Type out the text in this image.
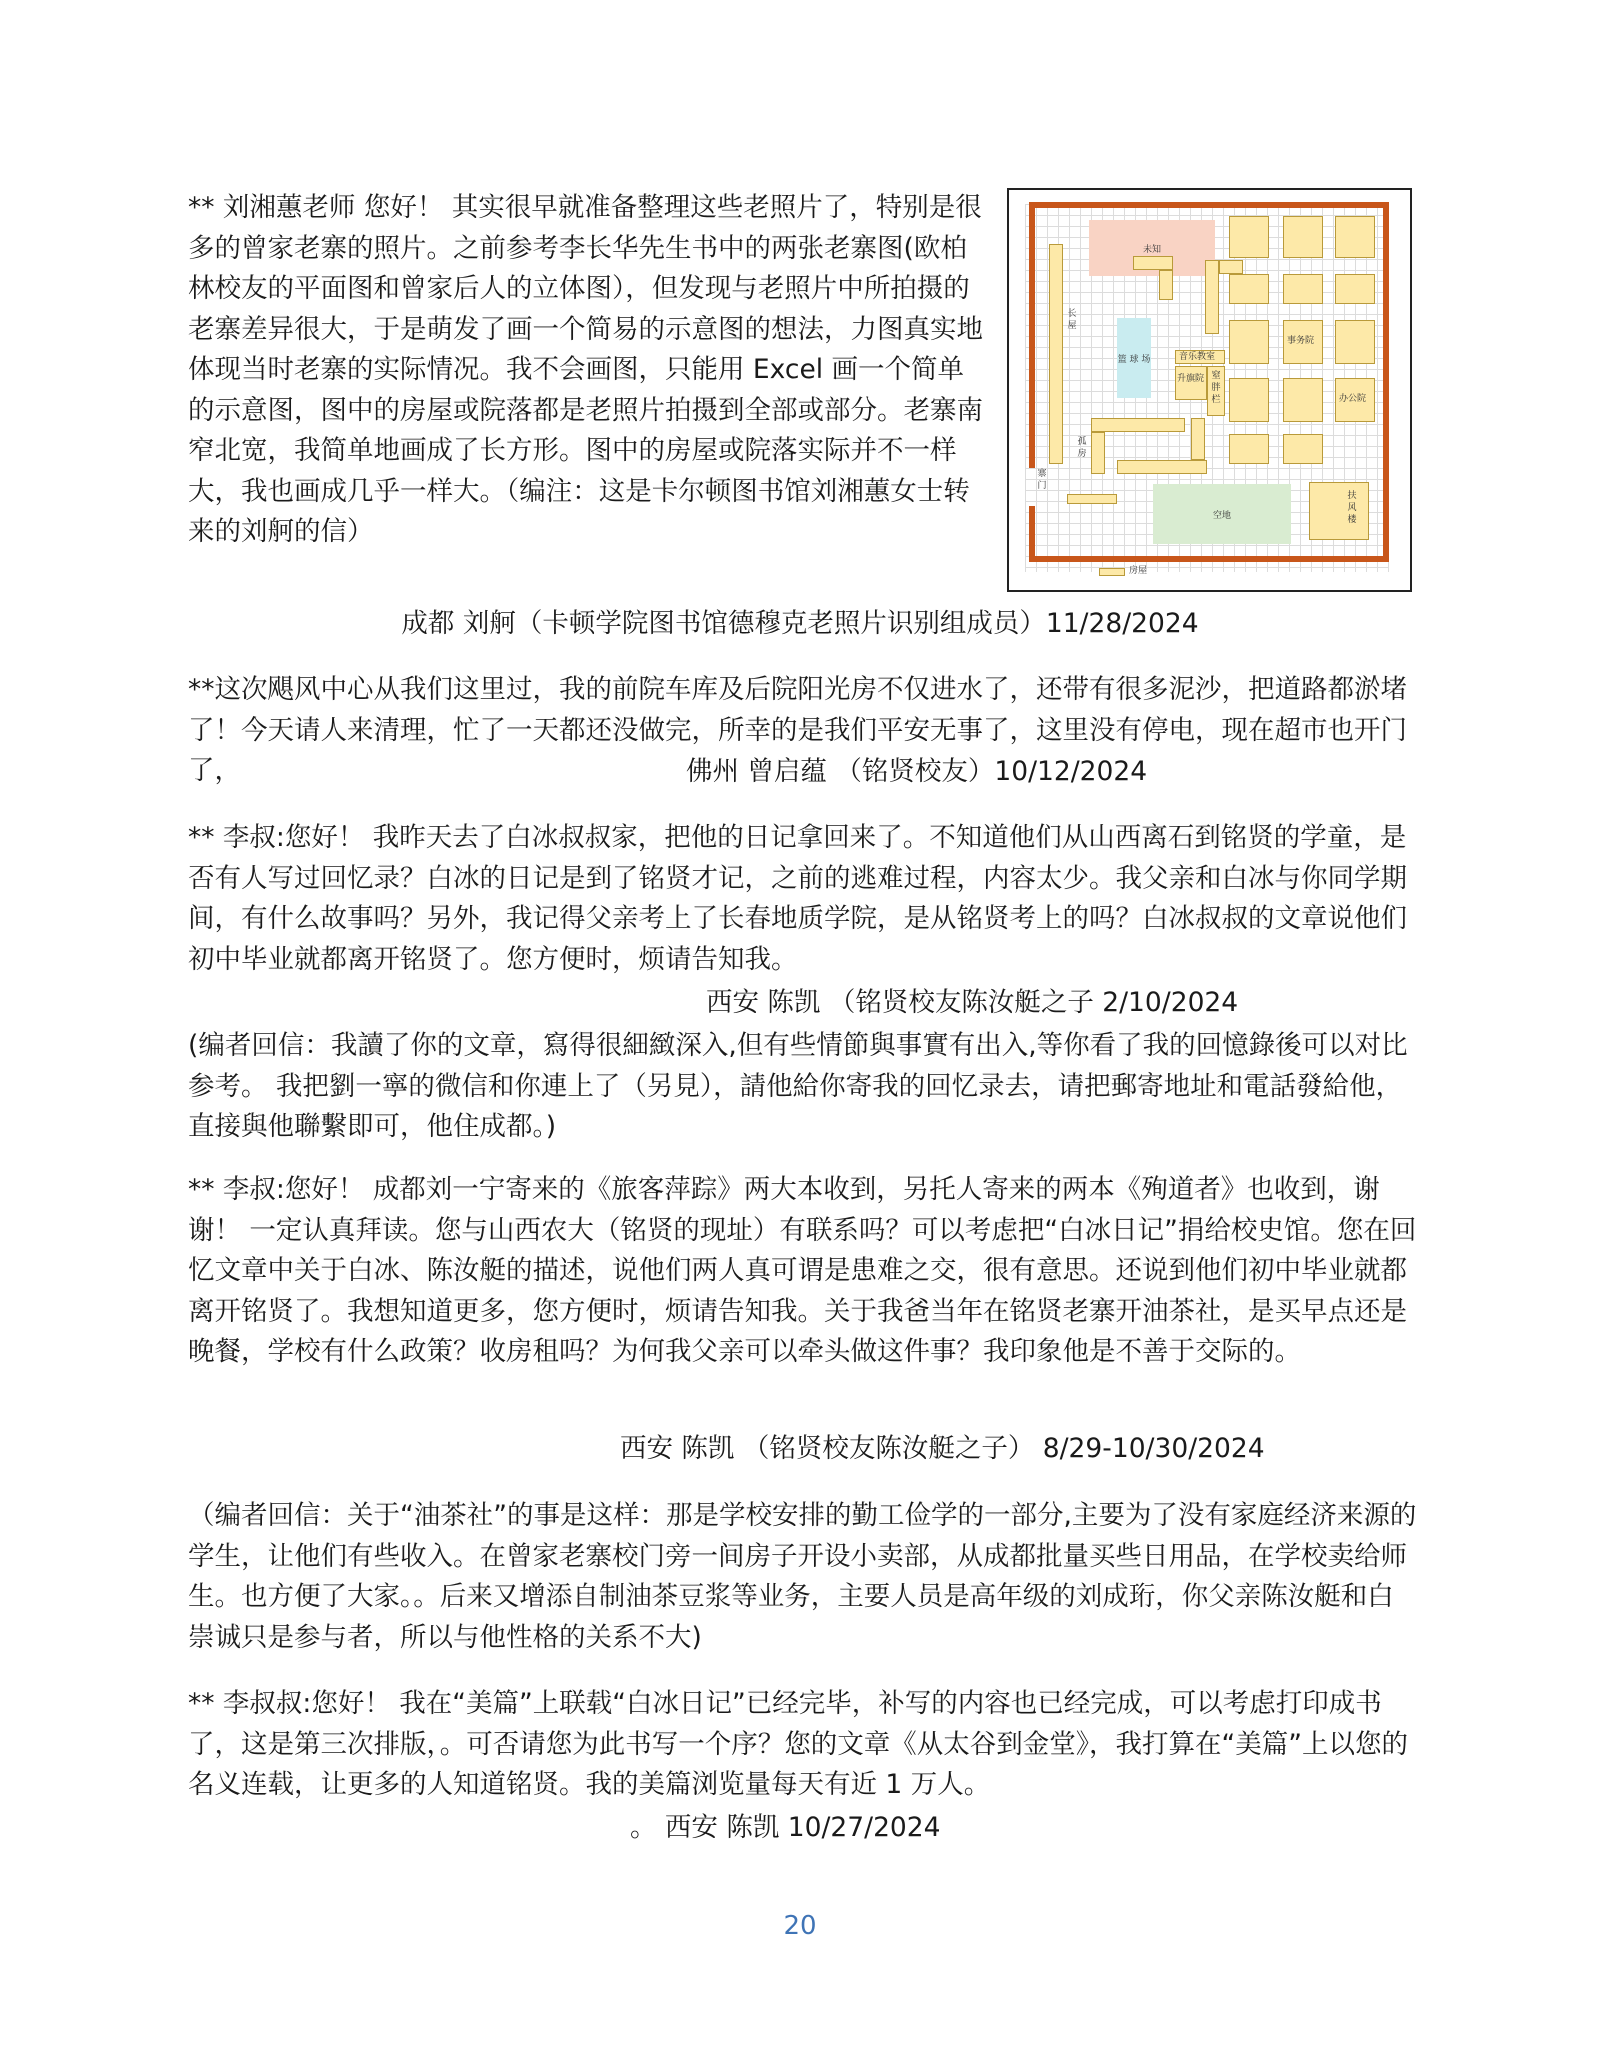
** 刘湘蕙老师 您好！ 其实很早就准备整理这些老照片了，特别是很多的曾家老寨的照片。之前参考李长华先生书中的两张老寨图(欧柏林校友的平面图和曾家后人的立体图），但发现与老照片中所拍摄的老寨差异很大，于是萌发了画一个简易的示意图的想法，力图真实地体现当时老寨的实际情况。我不会画图，只能用 Excel 画一个简单的示意图，图中的房屋或院落都是老照片拍摄到全部或部分。老寨南窄北宽，我简单地画成了长方形。图中的房屋或院落实际并不一样大，我也画成几乎一样大。（编注：这是卡尔顿图书馆刘湘蕙女士转来的刘舸的信）

未知
篮 球 场
空地
长 屋
音乐教室
升旗院 窒 胖 栏
孤 房
事务院
办公院
扶 风 楼
寨 门
房屋

成都 刘舸（卡顿学院图书馆德穆克老照片识别组成员）11/28/2024

**这次飓风中心从我们这里过，我的前院车库及后院阳光房不仅进水了，还带有很多泥沙，把道路都淤堵了！今天请人来清理，忙了一天都还没做完，所幸的是我们平安无事了，这里没有停电，现在超市也开门了，	佛州 曾启蕴 （铭贤校友）10/12/2024

** 李叔:您好！ 我昨天去了白冰叔叔家，把他的日记拿回来了。不知道他们从山西离石到铭贤的学童，是否有人写过回忆录？白冰的日记是到了铭贤才记，之前的逃难过程，内容太少。我父亲和白冰与你同学期间，有什么故事吗？另外，我记得父亲考上了长春地质学院，是从铭贤考上的吗？白冰叔叔的文章说他们初中毕业就都离开铭贤了。您方便时，烦请告知我。

西安 陈凯 （铭贤校友陈汝艇之子 2/10/2024

(编者回信：我讀了你的文章，寫得很細緻深入,但有些情節與事實有出入,等你看了我的回憶錄後可以对比参考。 我把劉一寧的微信和你連上了（另見），請他給你寄我的回忆录去，请把郵寄地址和電話發給他，直接與他聯繫即可，他住成都。)

** 李叔:您好！ 成都刘一宁寄来的《旅客萍踪》两大本收到，另托人寄来的两本《殉道者》也收到，谢谢！ 一定认真拜读。您与山西农大（铭贤的现址）有联系吗？可以考虑把“白冰日记”捐给校史馆。您在回忆文章中关于白冰、陈汝艇的描述，说他们两人真可谓是患难之交，很有意思。还说到他们初中毕业就都离开铭贤了。我想知道更多，您方便时，烦请告知我。关于我爸当年在铭贤老寨开油茶社，是买早点还是晚餐，学校有什么政策？收房租吗？为何我父亲可以牵头做这件事？我印象他是不善于交际的。

西安 陈凯 （铭贤校友陈汝艇之子） 8/29-10/30/2024

（编者回信：关于“油茶社”的事是这样：那是学校安排的勤工俭学的一部分,主要为了没有家庭经济来源的学生，让他们有些收入。在曾家老寨校门旁一间房子开设小卖部，从成都批量买些日用品，在学校卖给师生。也方便了大家。。后来又增添自制油茶豆浆等业务，主要人员是高年级的刘成珩，你父亲陈汝艇和白崇诚只是参与者，所以与他性格的关系不大)

** 李叔叔:您好！ 我在“美篇”上联载“白冰日记”已经完毕，补写的内容也已经完成，可以考虑打印成书了，这是第三次排版，。可否请您为此书写一个序？您的文章《从太谷到金堂》，我打算在“美篇”上以您的名义连载，让更多的人知道铭贤。我的美篇浏览量每天有近 1 万人。

。 西安 陈凯 10/27/2024

20
